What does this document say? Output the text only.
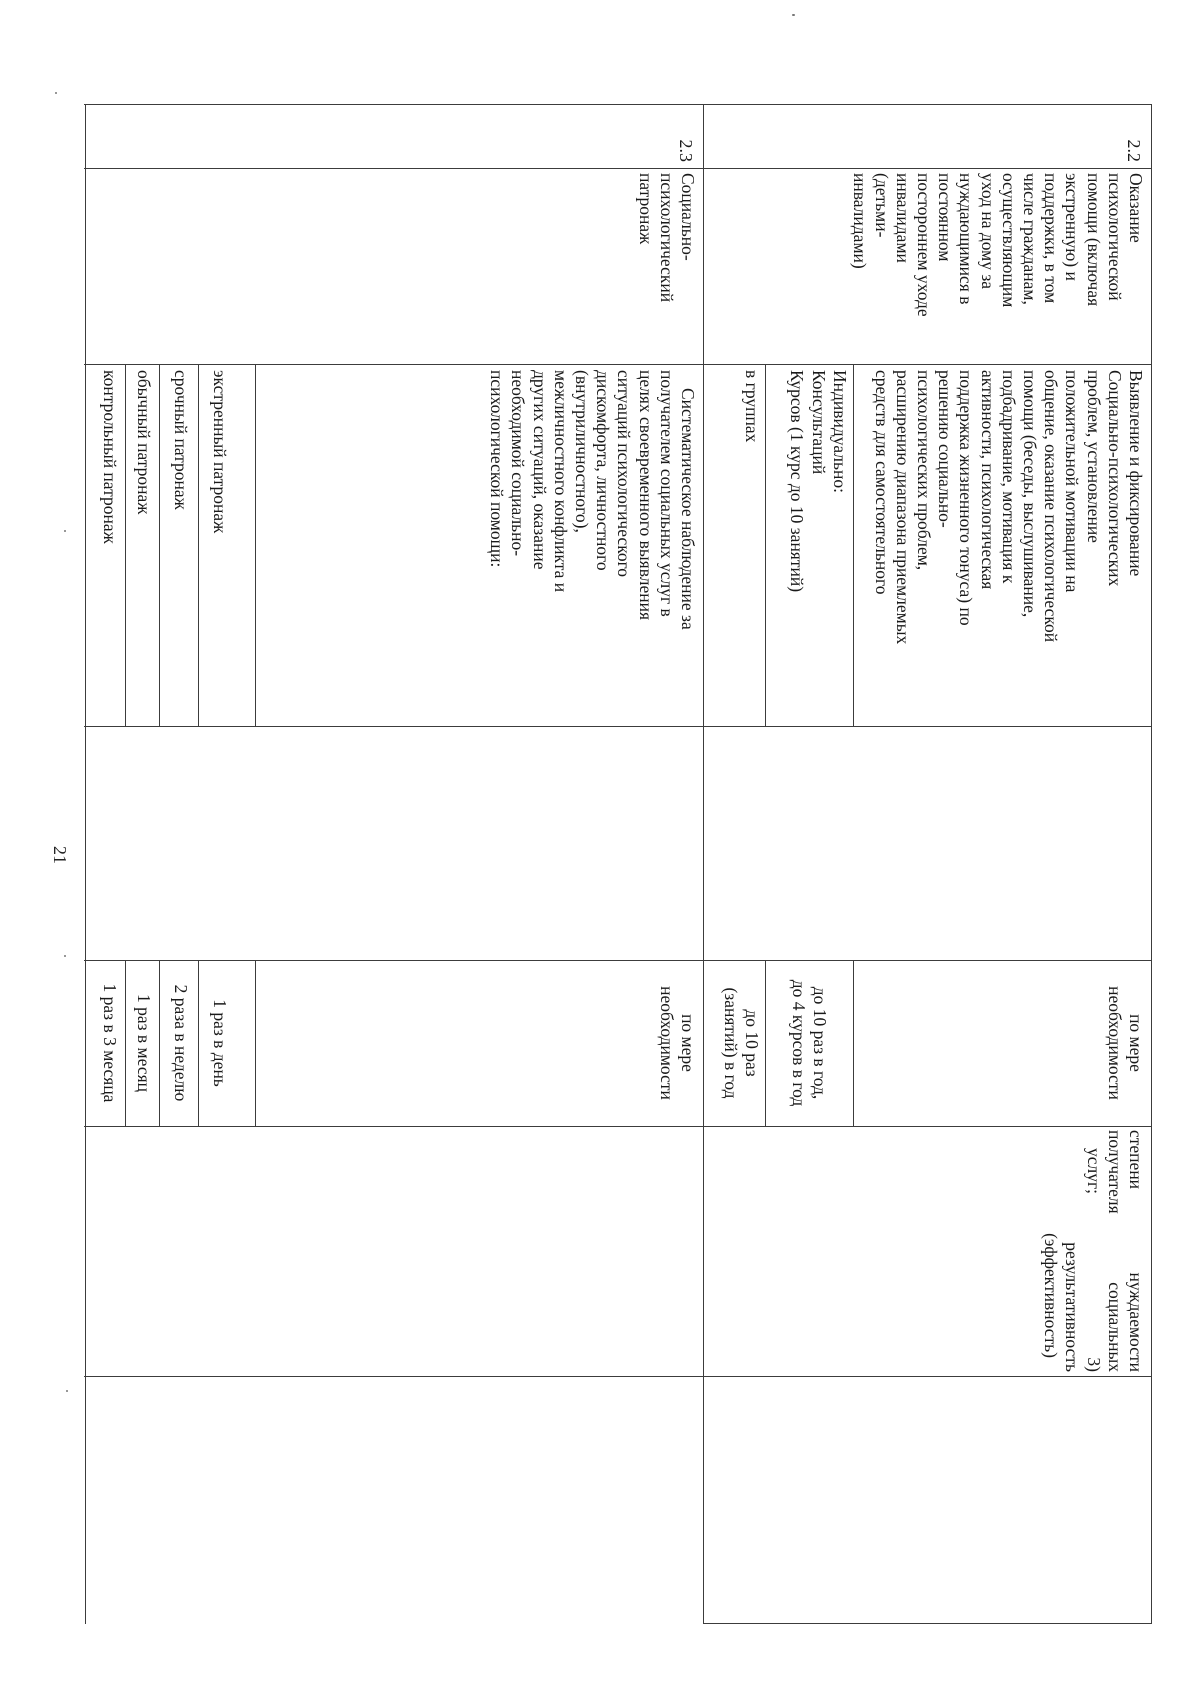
2.2
Оказание
психологической
помощи (включая
экстренную) и
поддержки, в том
числе гражданам,
осуществляющим
уход на дому за
нуждающимися в
постоянном
постороннем уходе
инвалидами
(детьми-
инвалидами)
Выявление и фиксирование
Социально-психологических
проблем, установление
положительной мотивации на
общение, оказание психологической
помощи (беседы, выслушивание,
подбадривание, мотивация к
активности, психологическая
поддержка жизненного тонуса) по
решению социально-
психологических проблем,
расширению диапазона приемлемых
средств для самостоятельного
Индивидуально:
Консультаций
Курсов (1 курс до 10 занятий)
в группах
по мере
необходимости
до 10 раз в год,
до 4 курсов в год
до 10 раз
(занятий) в год
степени нуждаемости
получателя социальных
услуг;
3)
результативность
(эффективность)
2.3
Социально-
психологический
патронаж
Систематическое наблюдение за
получателем социальных услуг в
целях своевременного выявления
ситуаций психологического
дискомфорта, личностного
(внутриличностного),
межличностного конфликта и
других ситуаций, оказание
необходимой социально-
психологической помощи:
экстренный патронаж
срочный патронаж
обычный патронаж
контрольный патронаж
по мере
необходимости
1 раз в день
2 раза в неделю
1 раз в месяц
1 раз в 3 месяца
21
